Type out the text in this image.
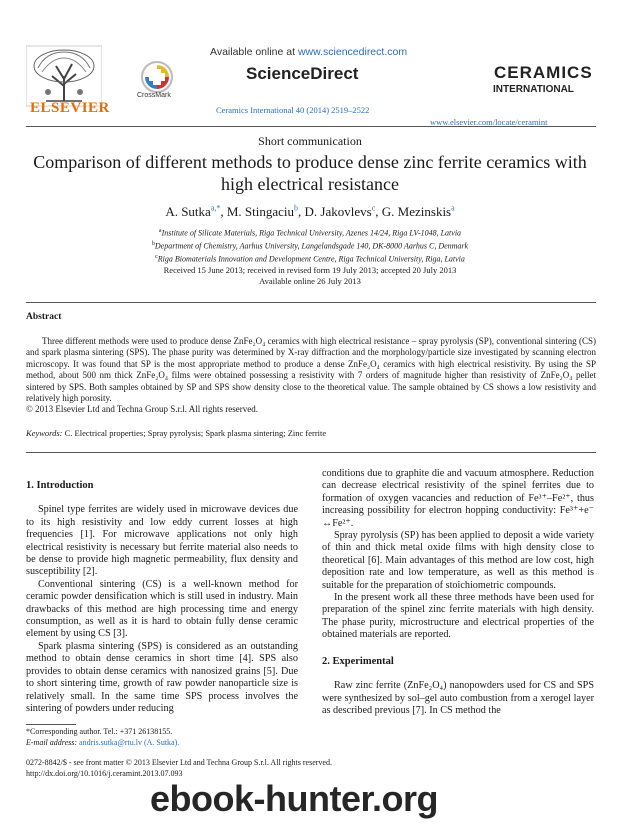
ELSEVIER
CrossMark
Available online at www.sciencedirect.com
ScienceDirect
Ceramics International 40 (2014) 2519–2522
CERAMICS
INTERNATIONAL
www.elsevier.com/locate/ceramint
Short communication
Comparison of different methods to produce dense zinc ferrite ceramics with high electrical resistance
A. Sutka$^{a,*}$, M. Stingaciu$^b$, D. Jakovlevs$^c$, G. Mezinskis$^a$
$^a$Institute of Silicate Materials, Riga Technical University, Azenes 14/24, Riga LV-1048, Latvia
$^b$Department of Chemistry, Aarhus University, Langelandsgade 140, DK-8000 Aarhus C, Denmark
$^c$Riga Biomaterials Innovation and Development Centre, Riga Technical University, Riga, Latvia
Received 15 June 2013; received in revised form 19 July 2013; accepted 20 July 2013
Available online 26 July 2013
Abstract
Three different methods were used to produce dense ZnFe₂O₄ ceramics with high electrical resistance – spray pyrolysis (SP), conventional sintering (CS) and spark plasma sintering (SPS). The phase purity was determined by X-ray diffraction and the morphology/particle size investigated by scanning electron microscopy. It was found that SP is the most appropriate method to produce a dense ZnFe₂O₄ ceramics with high electrical resistivity. By using the SP method, about 500 nm thick ZnFe₂O₄ films were obtained possessing a resistivity with 7 orders of magnitude higher than resistivity of ZnFe₂O₄ pellet sintered by SPS. Both samples obtained by SP and SPS show density close to the theoretical value. The sample obtained by CS shows a low resistivity and relatively high porosity.
© 2013 Elsevier Ltd and Techna Group S.r.l. All rights reserved.
Keywords: C. Electrical properties; Spray pyrolysis; Spark plasma sintering; Zinc ferrite
1. Introduction

Spinel type ferrites are widely used in microwave devices due to its high resistivity and low eddy current losses at high frequencies [1]. For microwave applications not only high electrical resistivity is necessary but ferrite material also needs to be dense to provide high magnetic permeability, flux density and susceptibility [2].

Conventional sintering (CS) is a well-known method for ceramic powder densification which is still used in industry. Main drawbacks of this method are high processing time and energy consumption, as well as it is hard to obtain fully dense ceramic element by using CS [3].

Spark plasma sintering (SPS) is considered as an outstanding method to obtain dense ceramics in short time [4]. SPS also provides to obtain dense ceramics with nanosized grains [5]. Due to short sintering time, growth of raw powder nanoparticle size is relatively small. In the same time SPS process involves the sintering of powders under reducing

conditions due to graphite die and vacuum atmosphere. Reduction can decrease electrical resistivity of the spinel ferrites due to formation of oxygen vacancies and reduction of Fe³⁺–Fe²⁺, thus increasing possibility for electron hopping conductivity: Fe³⁺+e⁻ ↔Fe²⁺.

Spray pyrolysis (SP) has been applied to deposit a wide variety of thin and thick metal oxide films with high density close to theoretical [6]. Main advantages of this method are low cost, high deposition rate and low temperature, as well as this method is suitable for the preparation of stoichiometric compounds.

In the present work all these three methods have been used for preparation of the spinel zinc ferrite materials with high density. The phase purity, microstructure and electrical properties of the obtained materials are reported.

2. Experimental

Raw zinc ferrite (ZnFe₂O₄) nanopowders used for CS and SPS were synthesized by sol–gel auto combustion from a xerogel layer as described previous [7]. In CS method the

*Corresponding author. Tel.: +371 26138155.
E-mail address: andris.sutka@rtu.lv (A. Sutka).
0272-8842/$ - see front matter © 2013 Elsevier Ltd and Techna Group S.r.l. All rights reserved.
http://dx.doi.org/10.1016/j.ceramint.2013.07.093
ebook-hunter.org
